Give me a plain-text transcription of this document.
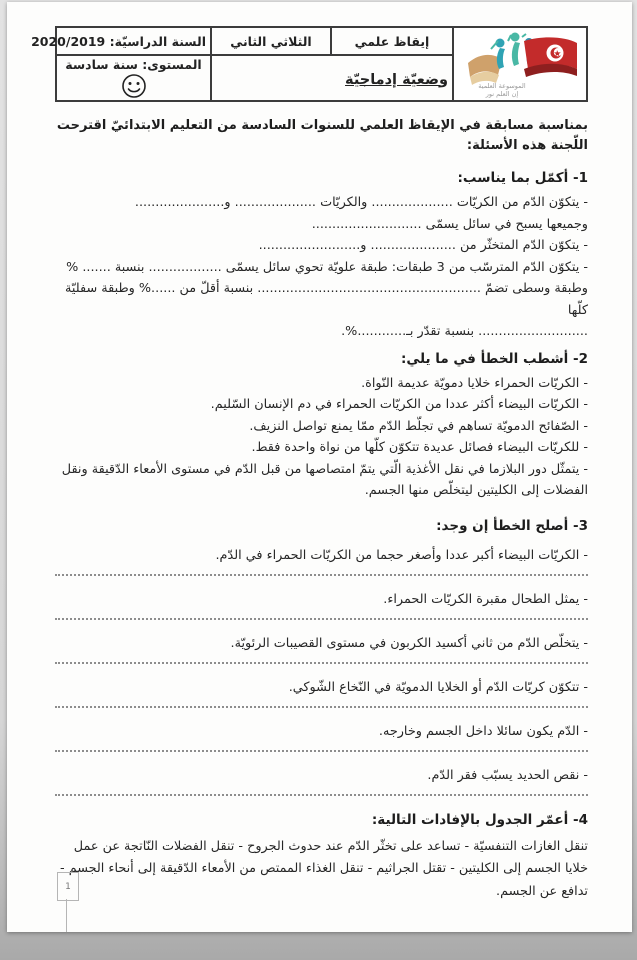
الموسوعة العلمية
إن العلم نور	إيقاظ علمي	الثلاثي الثاني	السنة الدراسيّة: 2020/2019
	وضعيّة إدماجيّة		المستوى: سنة سادسة

بمناسبة مسابقة في الإيقاظ العلمي للسنوات السادسة من التعليم الابتدائيّ اقترحت اللّجنة هذه الأسئلة:

1- أكمّل بما يناسب:

- يتكوّن الدّم من الكريّات .................... والكريّات .................... و......................

وجميعها يسبح في سائل يسمّى ...........................

- يتكوّن الدّم المتخثّر من ..................... و.........................

- يتكوّن الدّم المترسّب من 3 طبقات: طبقة علويّة تحوي سائل يسمّى .................. بنسبة ....... %

وطبقة وسطى تضمّ ....................................................... بنسبة أقلّ من ......% وطبقة سفليّة كلّها

........................... بنسبة تقدّر بـ............%.

2- أشطب الخطأ في ما يلي:

- الكريّات الحمراء خلايا دمويّة عديمة النّواة.

- الكريّات البيضاء أكثر عددا من الكريّات الحمراء في دم الإنسان السّليم.

- الصّفائح الدمويّة تساهم في تجلّط الدّم ممّا يمنع تواصل النزيف.

- للكريّات البيضاء فصائل عديدة تتكوّن كلّها من نواة واحدة فقط.

- يتمثّل دور البلازما في نقل الأغذية الّتي يتمّ امتصاصها من قبل الدّم في مستوى الأمعاء الدّقيقة ونقل الفضلات إلى الكليتين ليتخلّص منها الجسم.

3- أصلح الخطأ إن وجد:

- الكريّات البيضاء أكبر عددا وأصغر حجما من الكريّات الحمراء في الدّم.

- يمثل الطحال مقبرة الكريّات الحمراء.

- يتخلّص الدّم من ثاني أكسيد الكربون في مستوى القصيبات الرئويّة.

- تتكوّن كريّات الدّم أو الخلايا الدمويّة في النّخاع الشّوكي.

- الدّم يكون سائلا داخل الجسم وخارجه.

- نقص الحديد يسبّب فقر الدّم.

4- أعمّر الجدول بالإفادات التالية:

تنقل الغازات التنفسيّة - تساعد على تخثّر الدّم عند حدوث الجروح - تنقل الفضلات النّاتجة عن عمل خلايا الجسم إلى الكليتين - تقتل الجراثيم - تنقل الغذاء الممتص من الأمعاء الدّقيقة إلى أنحاء الجسم - تدافع عن الجسم.

1
